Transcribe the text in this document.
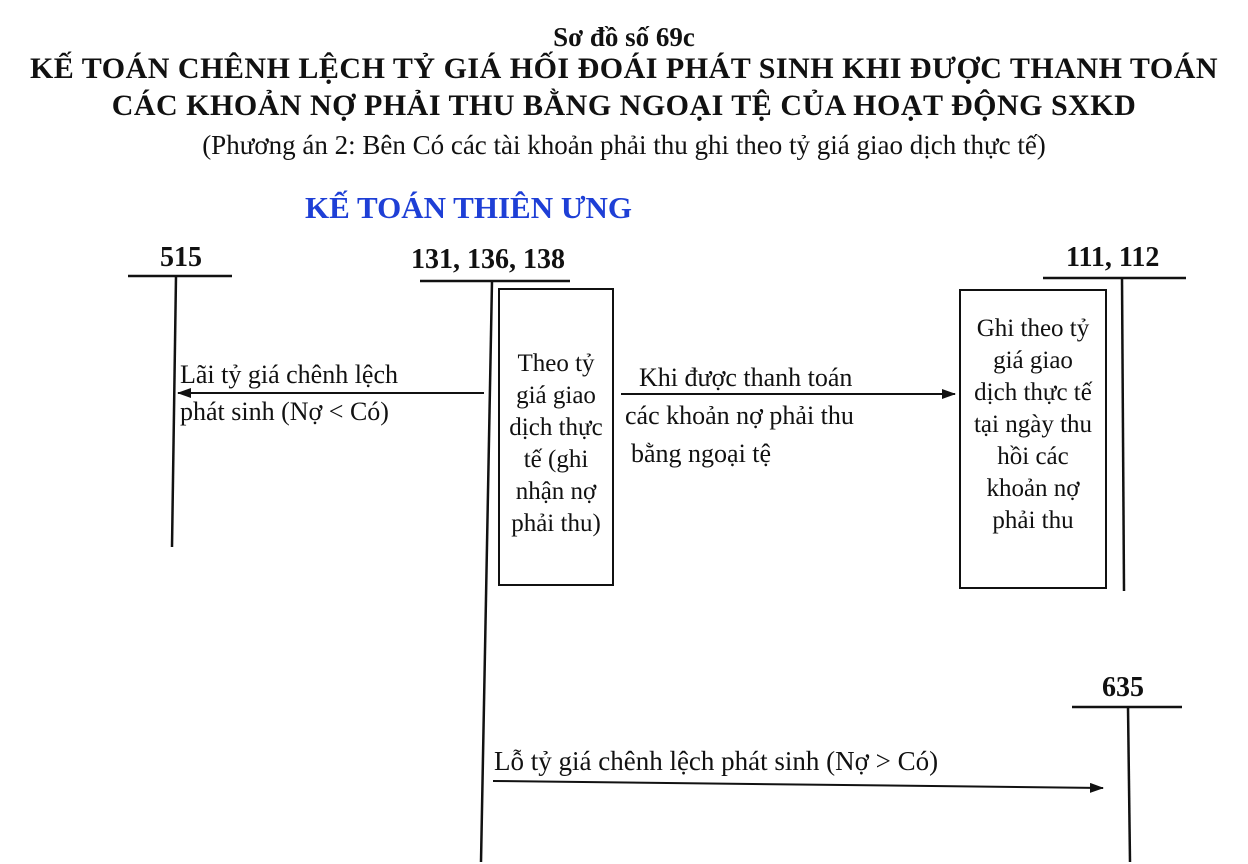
Sơ đồ số 69c
KẾ TOÁN CHÊNH LỆCH TỶ GIÁ HỐI ĐOÁI PHÁT SINH KHI ĐƯỢC THANH TOÁN
CÁC KHOẢN NỢ PHẢI THU BẰNG NGOẠI TỆ CỦA HOẠT ĐỘNG SXKD
(Phương án 2: Bên Có các tài khoản phải thu ghi theo tỷ giá giao dịch thực tế)
KẾ TOÁN THIÊN ƯNG
515	131, 136, 138	111, 112
635
Theo tỷ
giá giao
dịch thực
tế (ghi
nhận nợ
phải thu)
Ghi theo tỷ
giá giao
dịch thực tế
tại ngày thu
hồi các
khoản nợ
phải thu
Lãi tỷ giá chênh lệch
phát sinh (Nợ < Có)
Khi được thanh toán
các khoản nợ phải thu
bằng ngoại tệ
Lỗ tỷ giá chênh lệch phát sinh (Nợ > Có)
